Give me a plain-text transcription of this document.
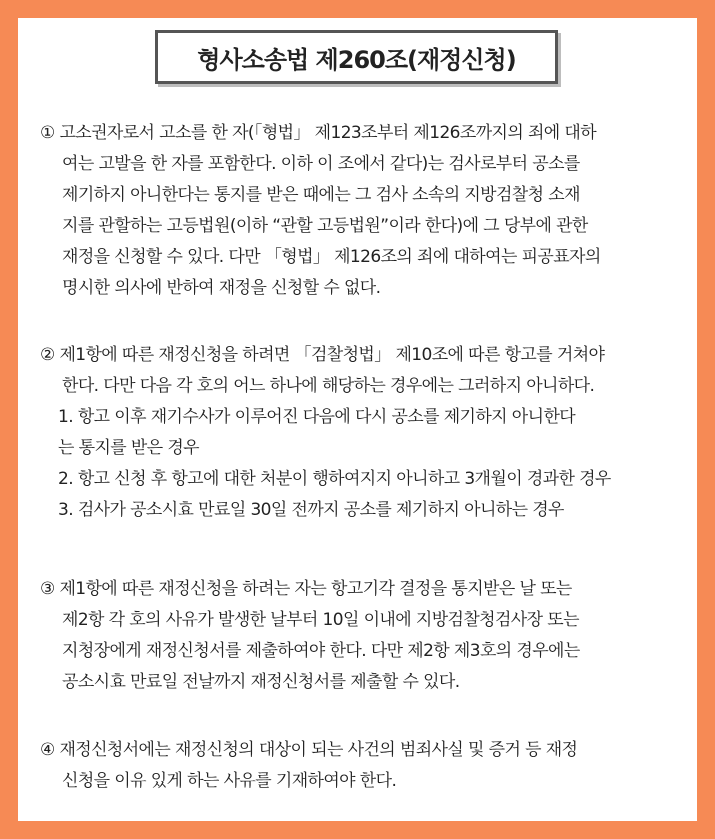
형사소송법 제260조(재정신청)
① 고소권자로서 고소를 한 자(「형법」 제123조부터 제126조까지의 죄에 대하
여는 고발을 한 자를 포함한다. 이하 이 조에서 같다)는 검사로부터 공소를
제기하지 아니한다는 통지를 받은 때에는 그 검사 소속의 지방검찰청 소재
지를 관할하는 고등법원(이하 “관할 고등법원”이라 한다)에 그 당부에 관한
재정을 신청할 수 있다. 다만 「형법」 제126조의 죄에 대하여는 피공표자의
명시한 의사에 반하여 재정을 신청할 수 없다.
② 제1항에 따른 재정신청을 하려면 「검찰청법」 제10조에 따른 항고를 거쳐야
한다. 다만 다음 각 호의 어느 하나에 해당하는 경우에는 그러하지 아니하다.
1. 항고 이후 재기수사가 이루어진 다음에 다시 공소를 제기하지 아니한다
는 통지를 받은 경우
2. 항고 신청 후 항고에 대한 처분이 행하여지지 아니하고 3개월이 경과한 경우
3. 검사가 공소시효 만료일 30일 전까지 공소를 제기하지 아니하는 경우
③ 제1항에 따른 재정신청을 하려는 자는 항고기각 결정을 통지받은 날 또는
제2항 각 호의 사유가 발생한 날부터 10일 이내에 지방검찰청검사장 또는
지청장에게 재정신청서를 제출하여야 한다. 다만 제2항 제3호의 경우에는
공소시효 만료일 전날까지 재정신청서를 제출할 수 있다.
④ 재정신청서에는 재정신청의 대상이 되는 사건의 범죄사실 및 증거 등 재정
신청을 이유 있게 하는 사유를 기재하여야 한다.
